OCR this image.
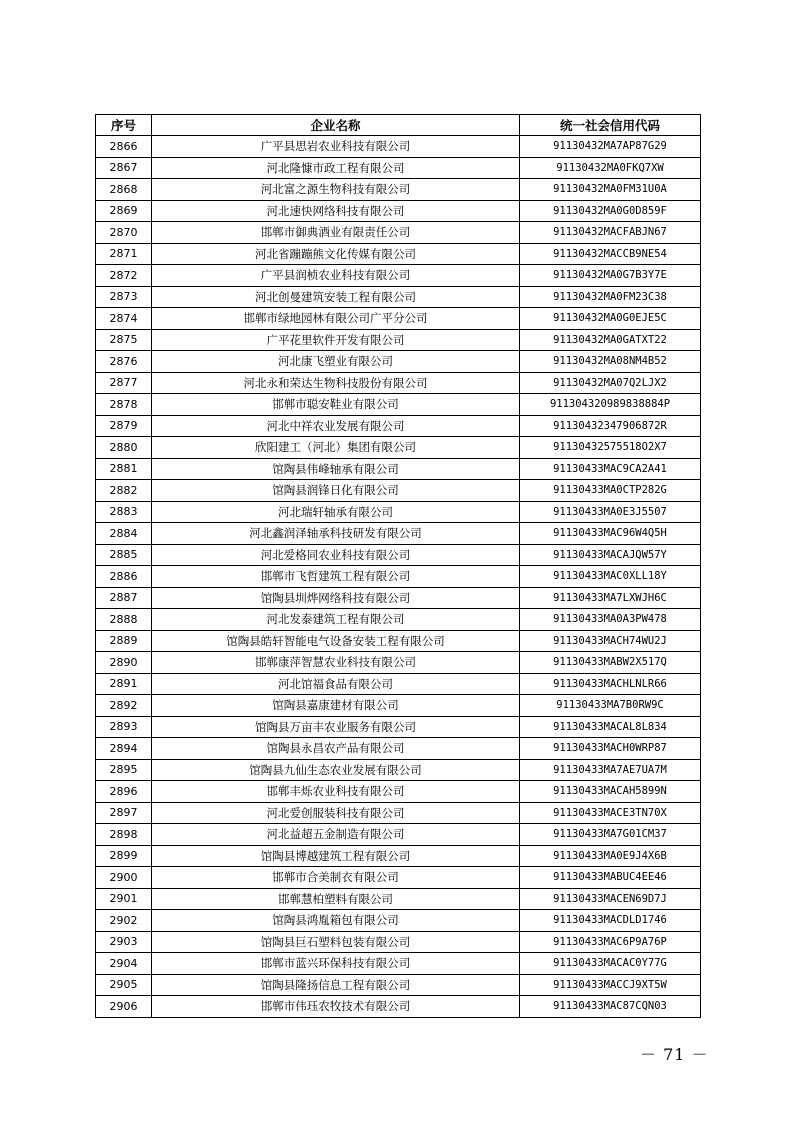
序号	企业名称	统一社会信用代码
2866	广平县思岩农业科技有限公司	91130432MA7AP87G29
2867	河北隆慷市政工程有限公司	91130432MA0FKQ7XW
2868	河北富之源生物科技有限公司	91130432MA0FM31U0A
2869	河北速快网络科技有限公司	91130432MA0G0D859F
2870	邯郸市御典酒业有限责任公司	91130432MACFABJN67
2871	河北省蹦蹦熊文化传媒有限公司	91130432MACCB9NE54
2872	广平县润桢农业科技有限公司	91130432MA0G7B3Y7E
2873	河北创曼建筑安装工程有限公司	91130432MA0FM23C38
2874	邯郸市绿地园林有限公司广平分公司	91130432MA0G0EJE5C
2875	广平花里软件开发有限公司	91130432MA0GATXT22
2876	河北康飞塑业有限公司	91130432MA08NM4B52
2877	河北永和荣达生物科技股份有限公司	91130432MA07Q2LJX2
2878	邯郸市聪安鞋业有限公司	911304320989838884P
2879	河北中祥农业发展有限公司	91130432347906872R
2880	欣阳建工（河北）集团有限公司	91130432575518O2X7
2881	馆陶县伟峰轴承有限公司	91130433MAC9CA2A41
2882	馆陶县润锋日化有限公司	91130433MA0CTP282G
2883	河北瑞轩轴承有限公司	91130433MA0E3J5507
2884	河北鑫润泽轴承科技研发有限公司	91130433MAC96W4Q5H
2885	河北爱格同农业科技有限公司	91130433MACAJQW57Y
2886	邯郸市飞哲建筑工程有限公司	91130433MAC0XLL18Y
2887	馆陶县圳烨网络科技有限公司	91130433MA7LXWJH6C
2888	河北发泰建筑工程有限公司	91130433MA0A3PW478
2889	馆陶县皓轩智能电气设备安装工程有限公司	91130433MACH74WU2J
2890	邯郸康萍智慧农业科技有限公司	91130433MABW2X517Q
2891	河北馆福食品有限公司	91130433MACHLNLR66
2892	馆陶县嘉康建材有限公司	91130433MA7B0RW9C
2893	馆陶县万亩丰农业服务有限公司	91130433MACAL8L834
2894	馆陶县永昌农产品有限公司	91130433MACH0WRP87
2895	馆陶县九仙生态农业发展有限公司	91130433MA7AE7UA7M
2896	邯郸丰烁农业科技有限公司	91130433MACAH5899N
2897	河北爱创服装科技有限公司	91130433MACE3TN70X
2898	河北益超五金制造有限公司	91130433MA7G01CM37
2899	馆陶县博越建筑工程有限公司	91130433MA0E9J4X6B
2900	邯郸市合美制衣有限公司	91130433MABUC4EE46
2901	邯郸慧柏塑料有限公司	91130433MACEN69D7J
2902	馆陶县鸿胤箱包有限公司	91130433MACDLD1746
2903	馆陶县巨石塑料包装有限公司	91130433MAC6P9A76P
2904	邯郸市蓝兴环保科技有限公司	91130433MACAC0Y77G
2905	馆陶县隆扬信息工程有限公司	91130433MACCJ9XT5W
2906	邯郸市伟珏农牧技术有限公司	91130433MAC87CQN03
－ 71 －
